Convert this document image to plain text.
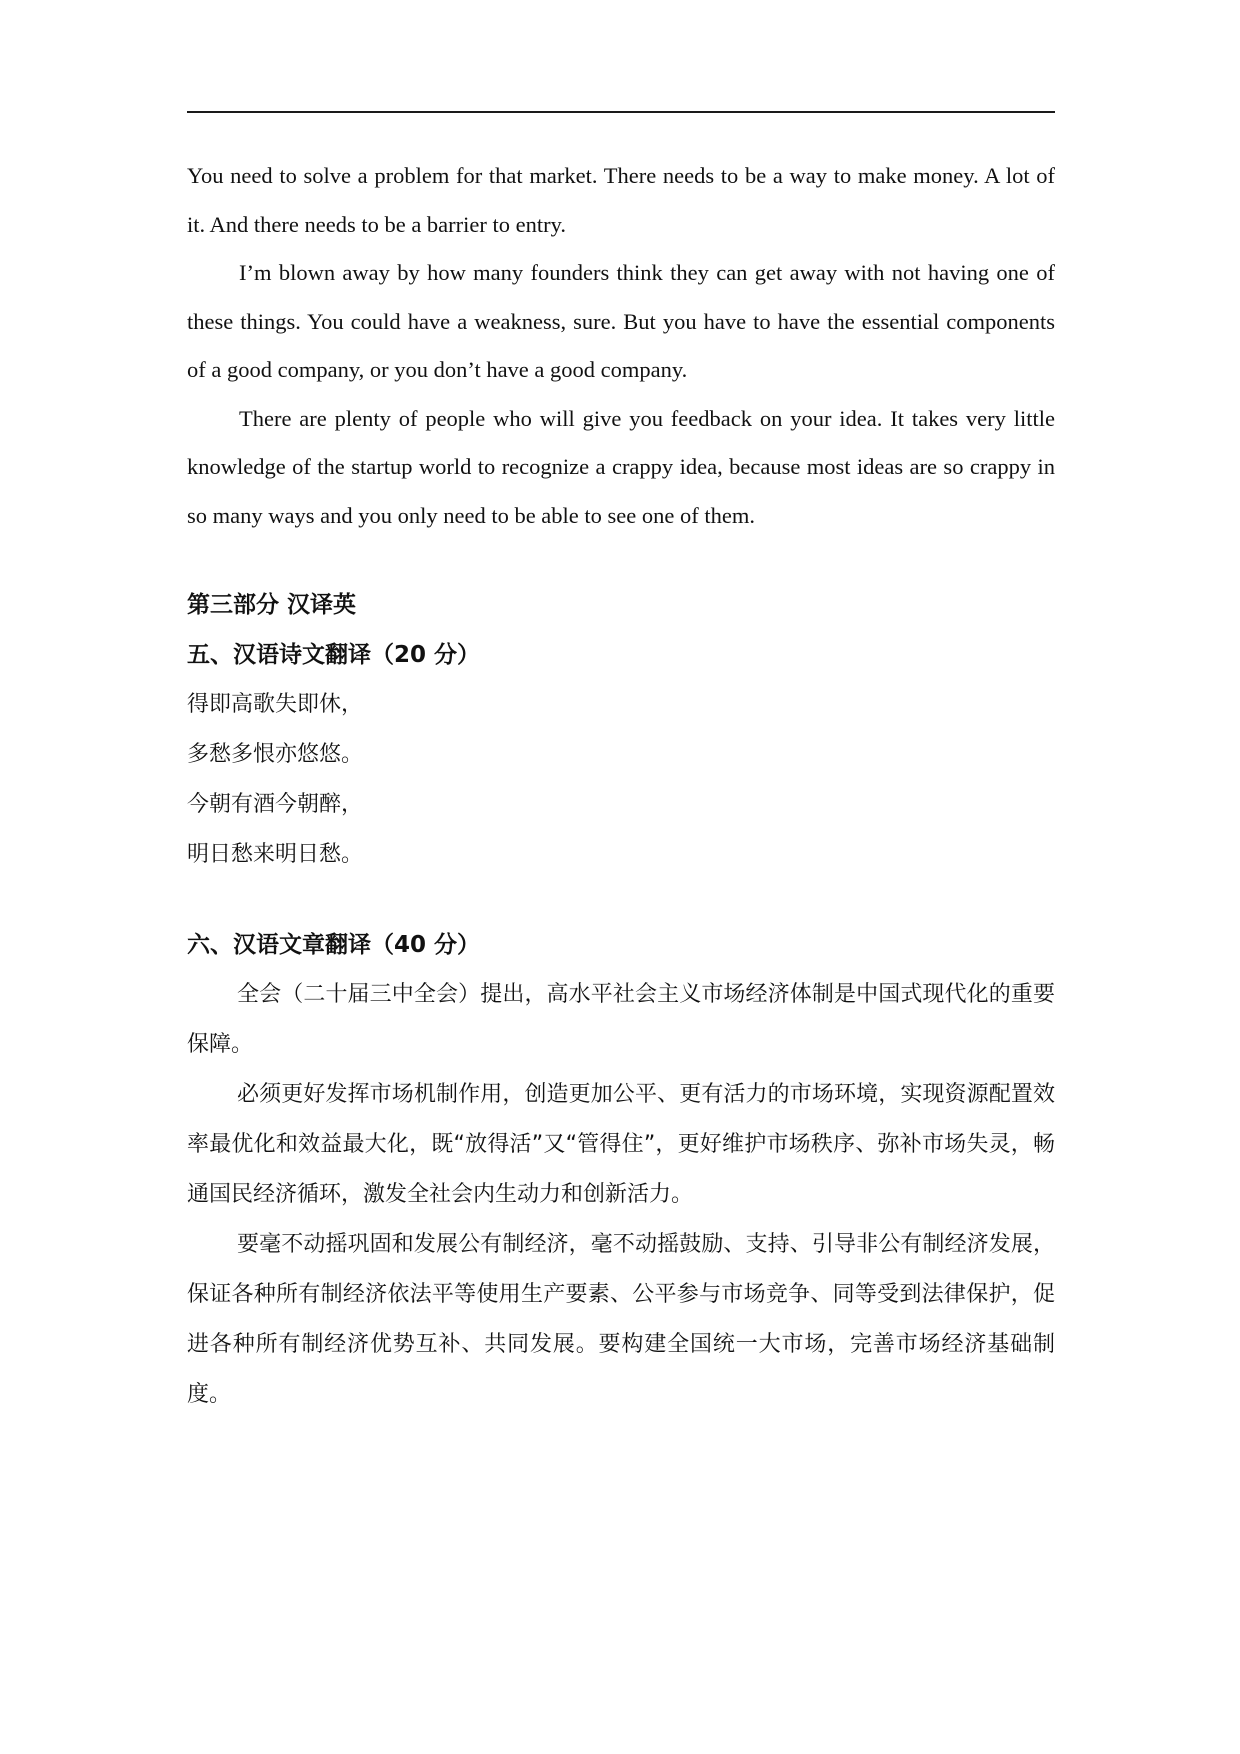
You need to solve a problem for that market. There needs to be a way to make money. A lot of it. And there needs to be a barrier to entry.

I’m blown away by how many founders think they can get away with not having one of these things. You could have a weakness, sure. But you have to have the essential components of a good company, or you don’t have a good company.

There are plenty of people who will give you feedback on your idea. It takes very little knowledge of the startup world to recognize a crappy idea, because most ideas are so crappy in so many ways and you only need to be able to see one of them.

第三部分 汉译英
五、汉语诗文翻译（20 分）

得即高歌失即休，

多愁多恨亦悠悠。

今朝有酒今朝醉，

明日愁来明日愁。

六、汉语文章翻译（40 分）

全会（二十届三中全会）提出，高水平社会主义市场经济体制是中国式现代化的重要保障。

必须更好发挥市场机制作用，创造更加公平、更有活力的市场环境，实现资源配置效率最优化和效益最大化，既“放得活”又“管得住”，更好维护市场秩序、弥补市场失灵，畅通国民经济循环，激发全社会内生动力和创新活力。

要毫不动摇巩固和发展公有制经济，毫不动摇鼓励、支持、引导非公有制经济发展，保证各种所有制经济依法平等使用生产要素、公平参与市场竞争、同等受到法律保护，促进各种所有制经济优势互补、共同发展。要构建全国统一大市场，完善市场经济基础制度。
